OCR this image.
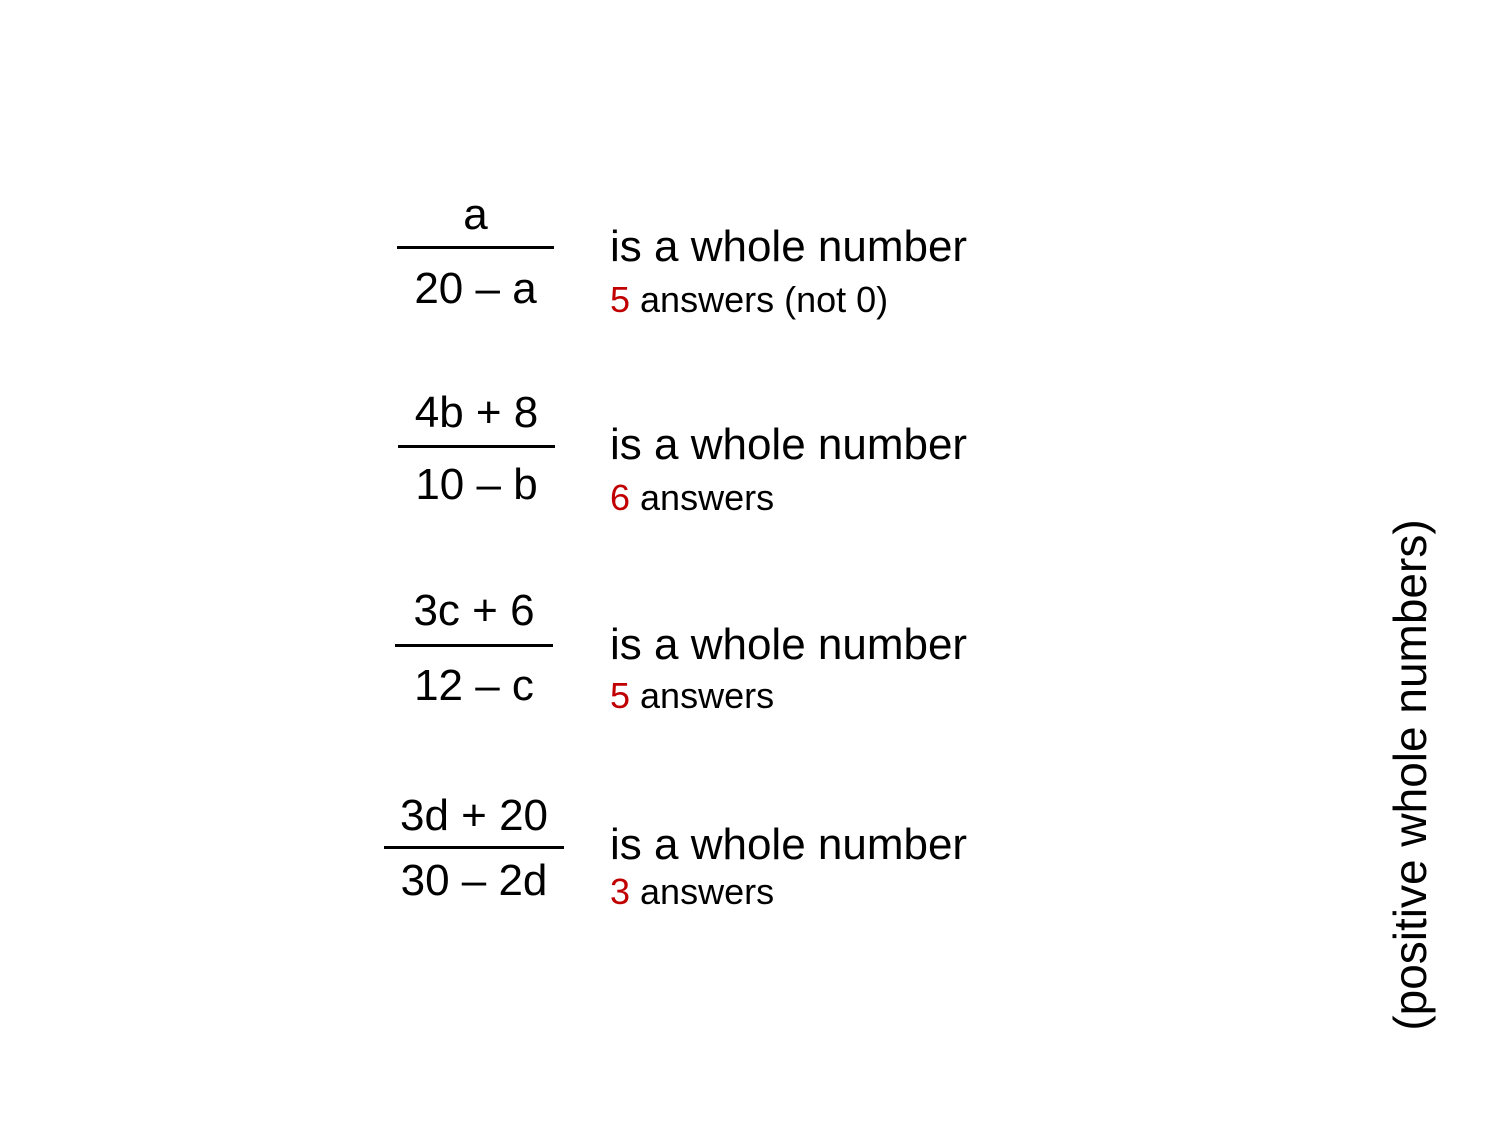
a
20 – a
is a whole number
5 answers (not 0)
4b + 8
10 – b
is a whole number
6 answers
3c + 6
12 – c
is a whole number
5 answers
3d + 20
30 – 2d
is a whole number
3 answers	(positive whole numbers)
